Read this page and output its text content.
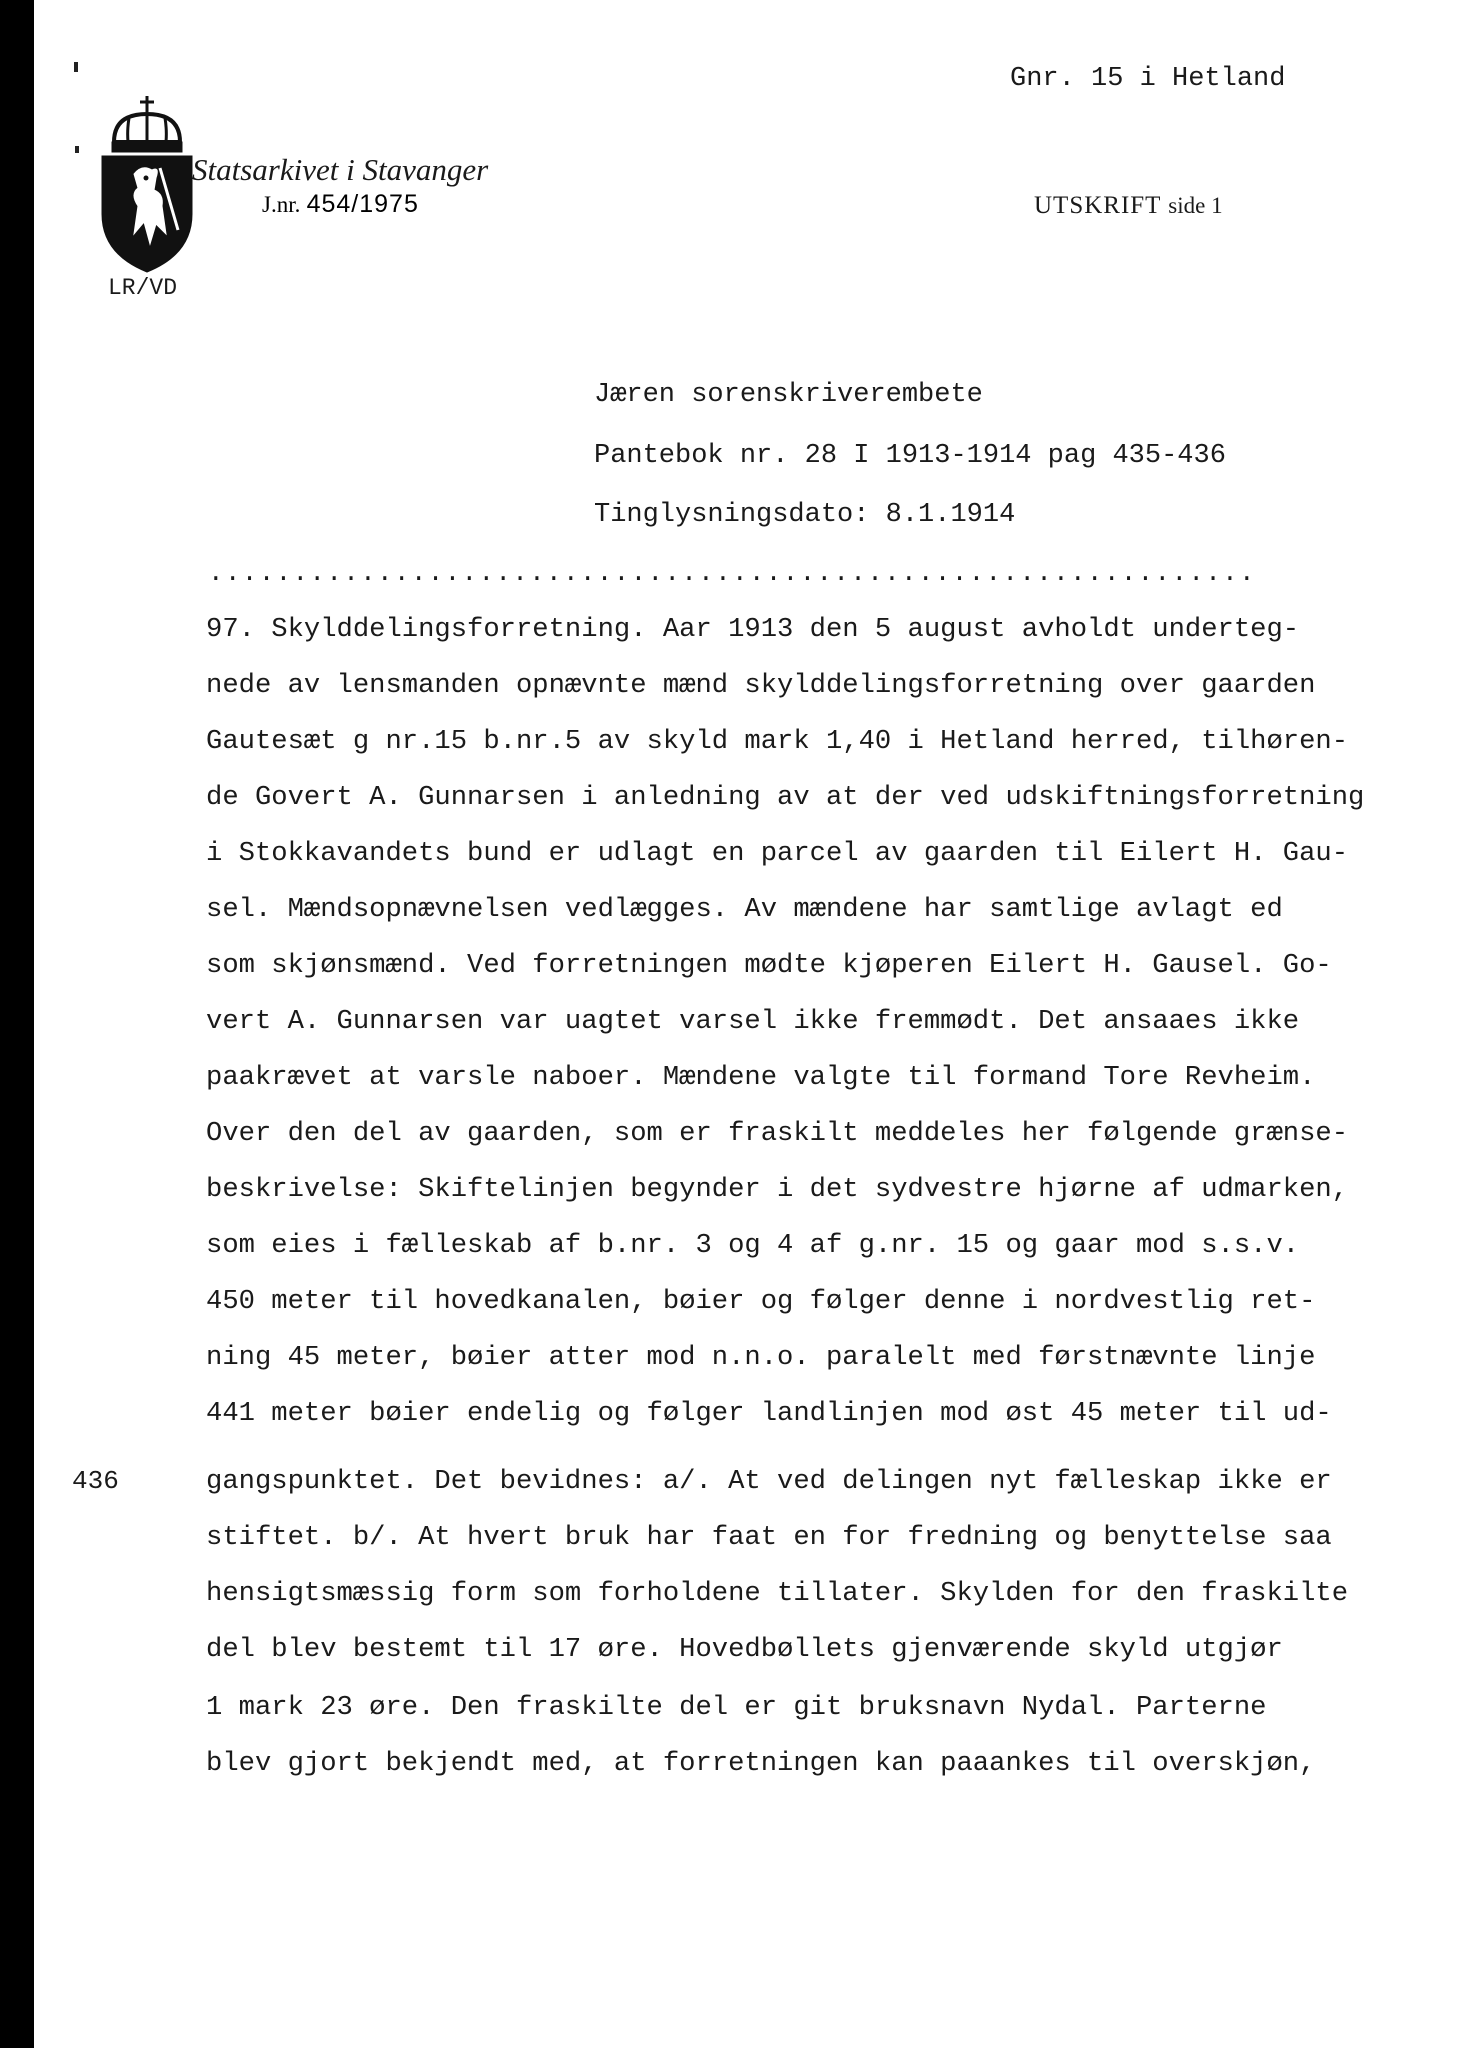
Gnr. 15 i Hetland
Statsarkivet i Stavanger
J.nr. 454/1975	UTSKRIFT side 1
LR/VD
Jæren sorenskriverembete
Pantebok nr. 28 I 1913-1914 pag 435-436
Tinglysningsdato: 8.1.1914
..............................................................
436
97. Skylddelingsforretning. Aar 1913 den 5 august avholdt underteg-
nede av lensmanden opnævnte mænd skylddelingsforretning over gaarden
Gautesæt g nr.15 b.nr.5 av skyld mark 1,40 i Hetland herred, tilhøren-
de Govert A. Gunnarsen i anledning av at der ved udskiftningsforretning
i Stokkavandets bund er udlagt en parcel av gaarden til Eilert H. Gau-
sel. Mændsopnævnelsen vedlægges. Av mændene har samtlige avlagt ed
som skjønsmænd. Ved forretningen mødte kjøperen Eilert H. Gausel. Go-
vert A. Gunnarsen var uagtet varsel ikke fremmødt. Det ansaaes ikke
paakrævet at varsle naboer. Mændene valgte til formand Tore Revheim.
Over den del av gaarden, som er fraskilt meddeles her følgende grænse-
beskrivelse: Skiftelinjen begynder i det sydvestre hjørne af udmarken,
som eies i fælleskab af b.nr. 3 og 4 af g.nr. 15 og gaar mod s.s.v.
450 meter til hovedkanalen, bøier og følger denne i nordvestlig ret-
ning 45 meter, bøier atter mod n.n.o. paralelt med førstnævnte linje
441 meter bøier endelig og følger landlinjen mod øst 45 meter til ud-
gangspunktet. Det bevidnes: a/. At ved delingen nyt fælleskap ikke er
stiftet. b/. At hvert bruk har faat en for fredning og benyttelse saa
hensigtsmæssig form som forholdene tillater. Skylden for den fraskilte
del blev bestemt til 17 øre. Hovedbøllets gjenværende skyld utgjør
1 mark 23 øre. Den fraskilte del er git bruksnavn Nydal. Parterne
blev gjort bekjendt med, at forretningen kan paaankes til overskjøn,
